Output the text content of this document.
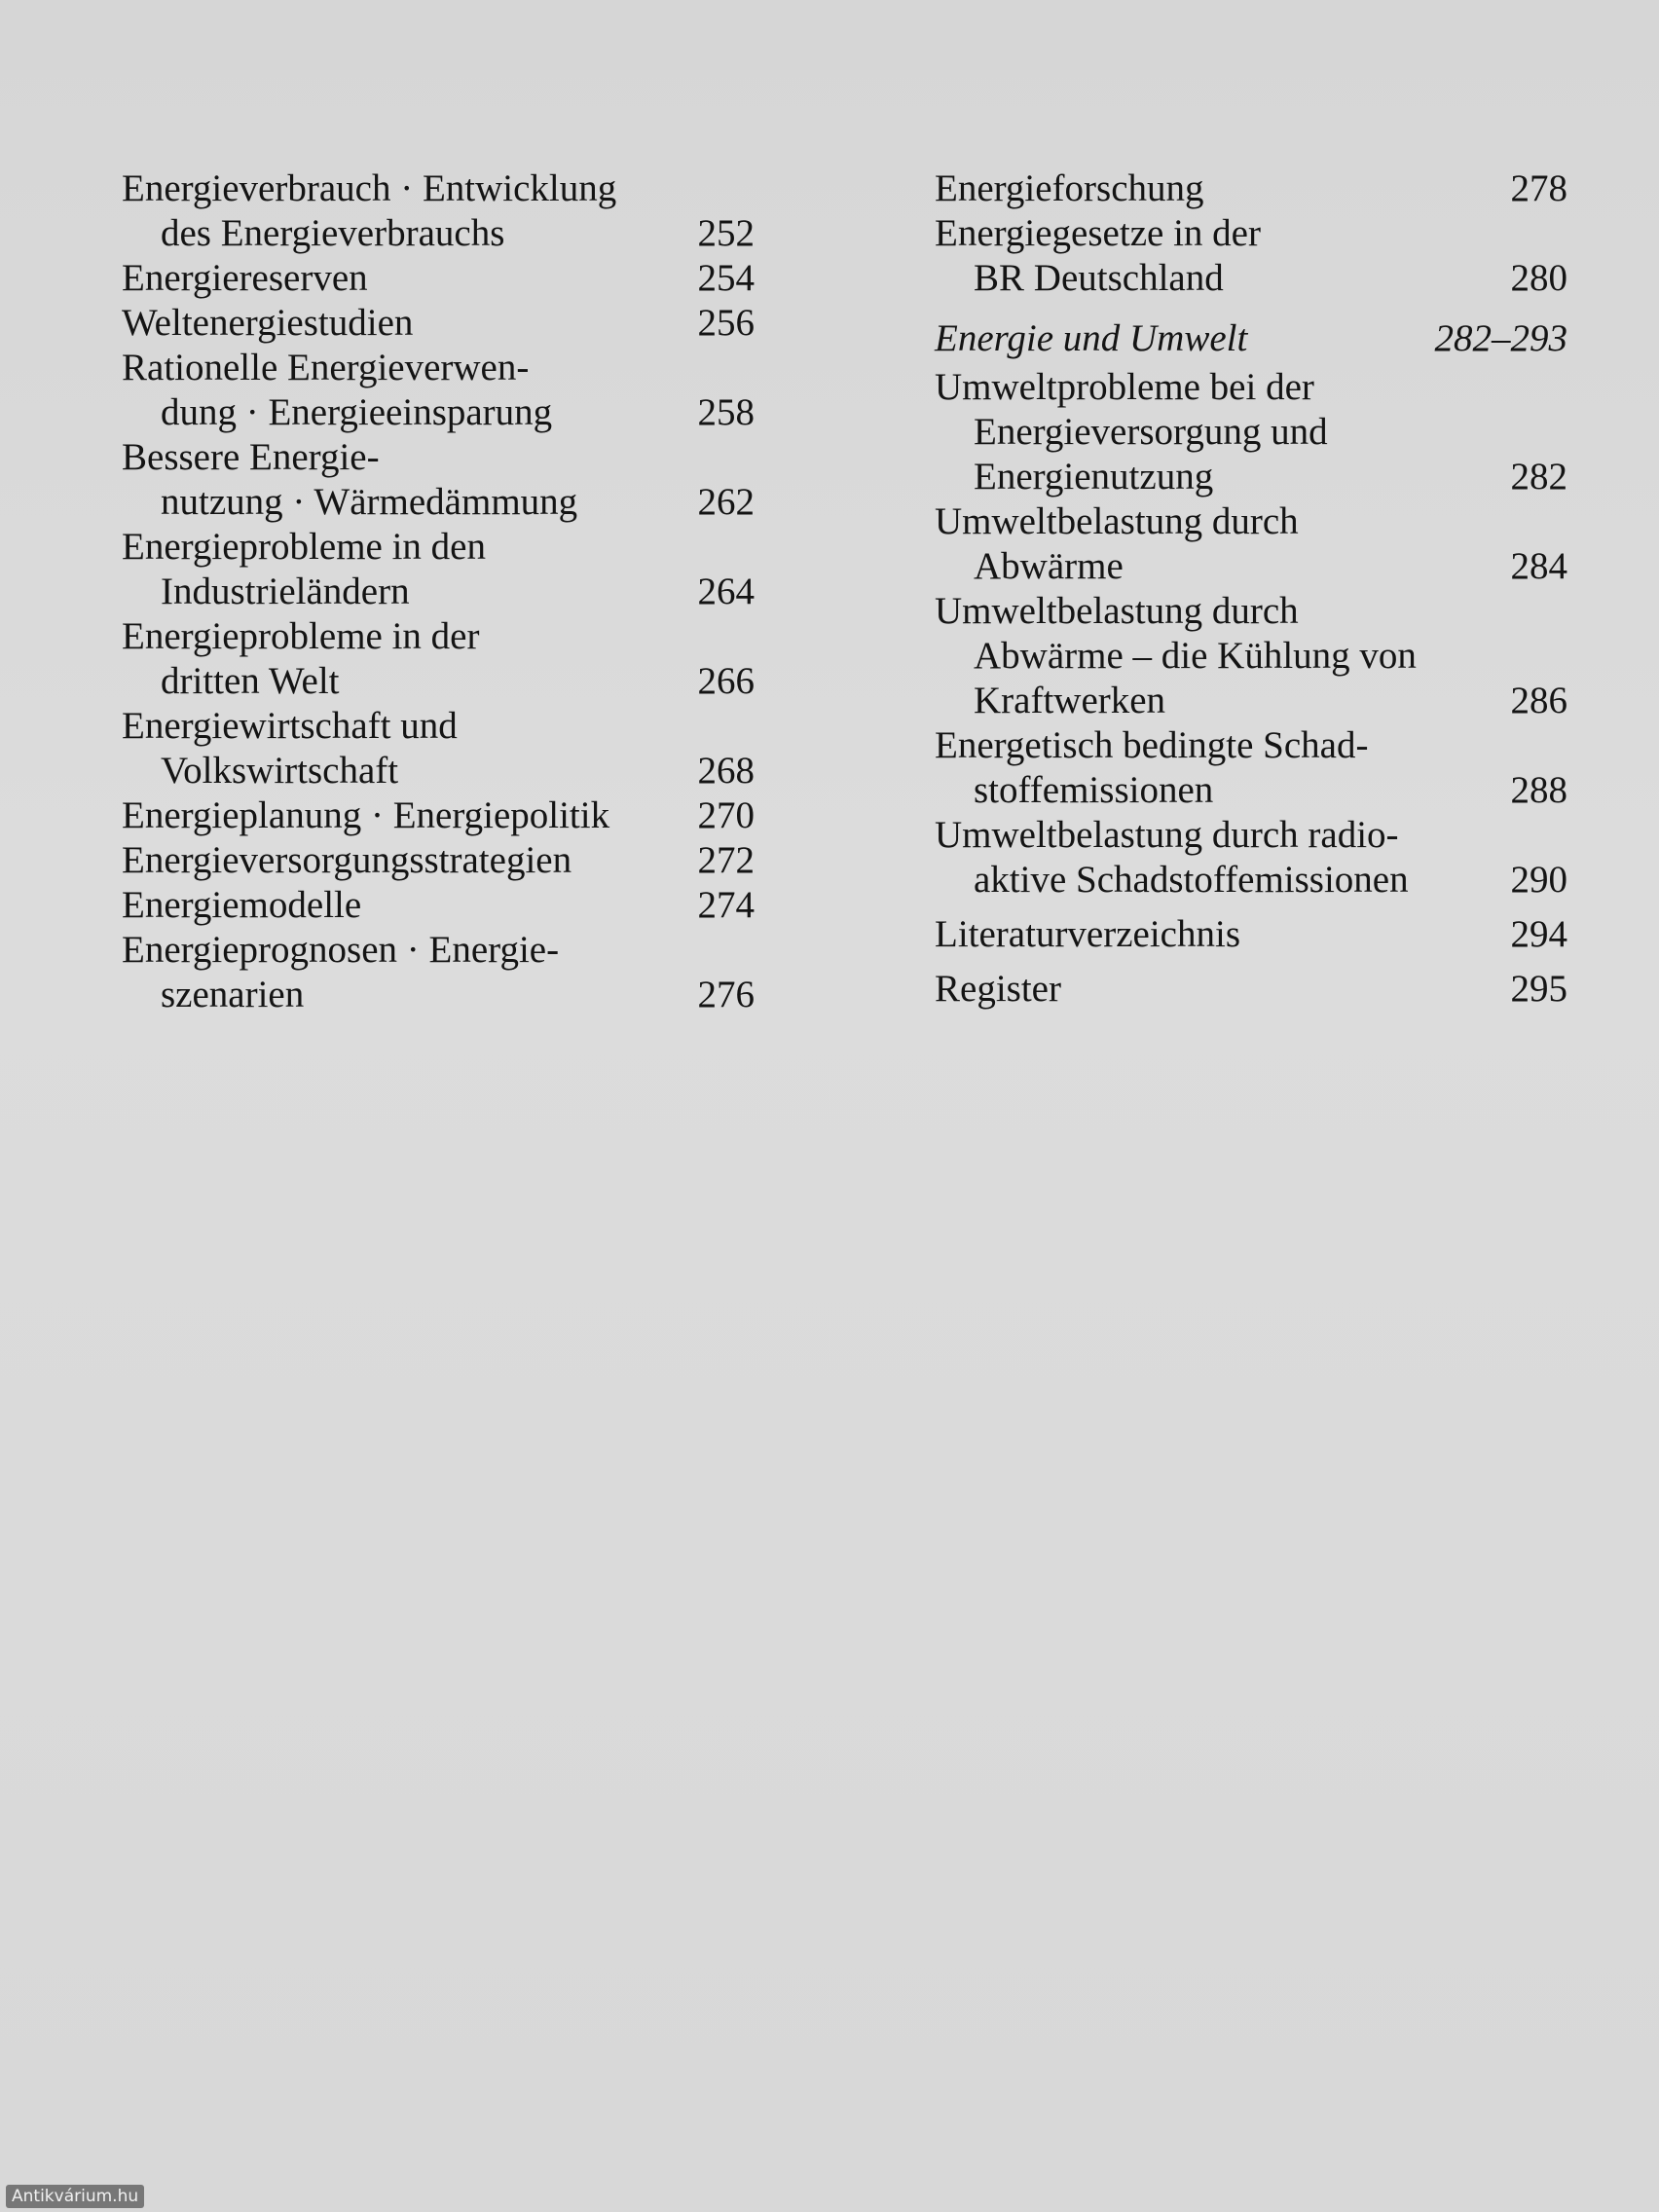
Energieverbrauch · Entwicklung
des Energieverbrauchs	252
Energiereserven	254
Weltenergiestudien	256
Rationelle Energieverwen-
dung · Energieeinsparung	258
Bessere Energie-
nutzung · Wärmedämmung	262
Energieprobleme in den
Industrieländern	264
Energieprobleme in der
dritten Welt	266
Energiewirtschaft und
Volkswirtschaft	268
Energieplanung · Energiepolitik	270
Energieversorgungsstrategien	272
Energiemodelle	274
Energieprognosen · Energie-
szenarien	276
Energieforschung	278
Energiegesetze in der
BR Deutschland	280
Energie und Umwelt	282–293
Umweltprobleme bei der
Energieversorgung und
Energienutzung	282
Umweltbelastung durch
Abwärme	284
Umweltbelastung durch
Abwärme – die Kühlung von
Kraftwerken	286
Energetisch bedingte Schad-
stoffemissionen	288
Umweltbelastung durch radio-
aktive Schadstoffemissionen	290
Literaturverzeichnis	294
Register	295
Antikvárium.hu
